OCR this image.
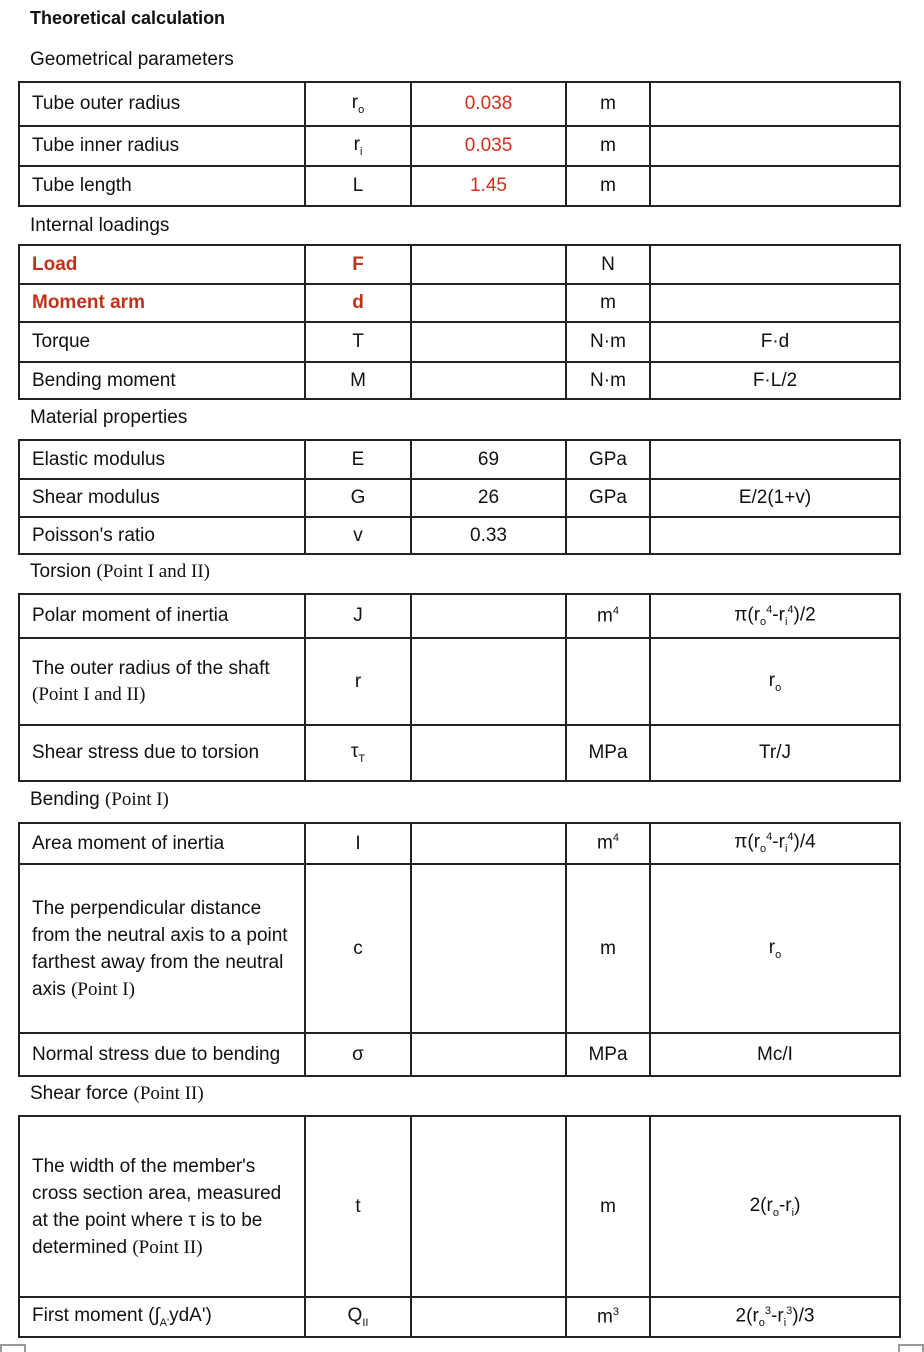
Theoretical calculation
Geometrical parameters
Tube outer radius	$r_o$	0.038	m	
Tube inner radius	$r_i$	0.035	m	
Tube length	L	1.45	m	
Internal loadings
Load	F		N	
Moment arm	d		m	
Torque	T		N·m	F·d
Bending moment	M		N·m	F·L/2
Material properties
Elastic modulus	E	69	GPa	
Shear modulus	G	26	GPa	E/2(1+v)
Poisson's ratio	v	0.33		
Torsion (Point I and II)
Polar moment of inertia	J		$m^4$	$\pi(r_o^4-r_i^4)/2$
The outer radius of the shaft (Point I and II)	r			$r_o$
Shear stress due to torsion	$\tau_T$		MPa	Tr/J
Bending (Point I)
Area moment of inertia	I		$m^4$	$\pi(r_o^4-r_i^4)/4$
The perpendicular distance from the neutral axis to a point farthest away from the neutral axis (Point I)	c		m	$r_o$
Normal stress due to bending	σ		MPa	Mc/I
Shear force (Point II)
The width of the member's cross section area, measured at the point where τ is to be determined (Point II)	t		m	$2(r_o-r_i)$
First moment $(\int_{A'}ydA')$	$Q_{II}$		$m^3$	$2(r_o^3-r_i^3)/3$
